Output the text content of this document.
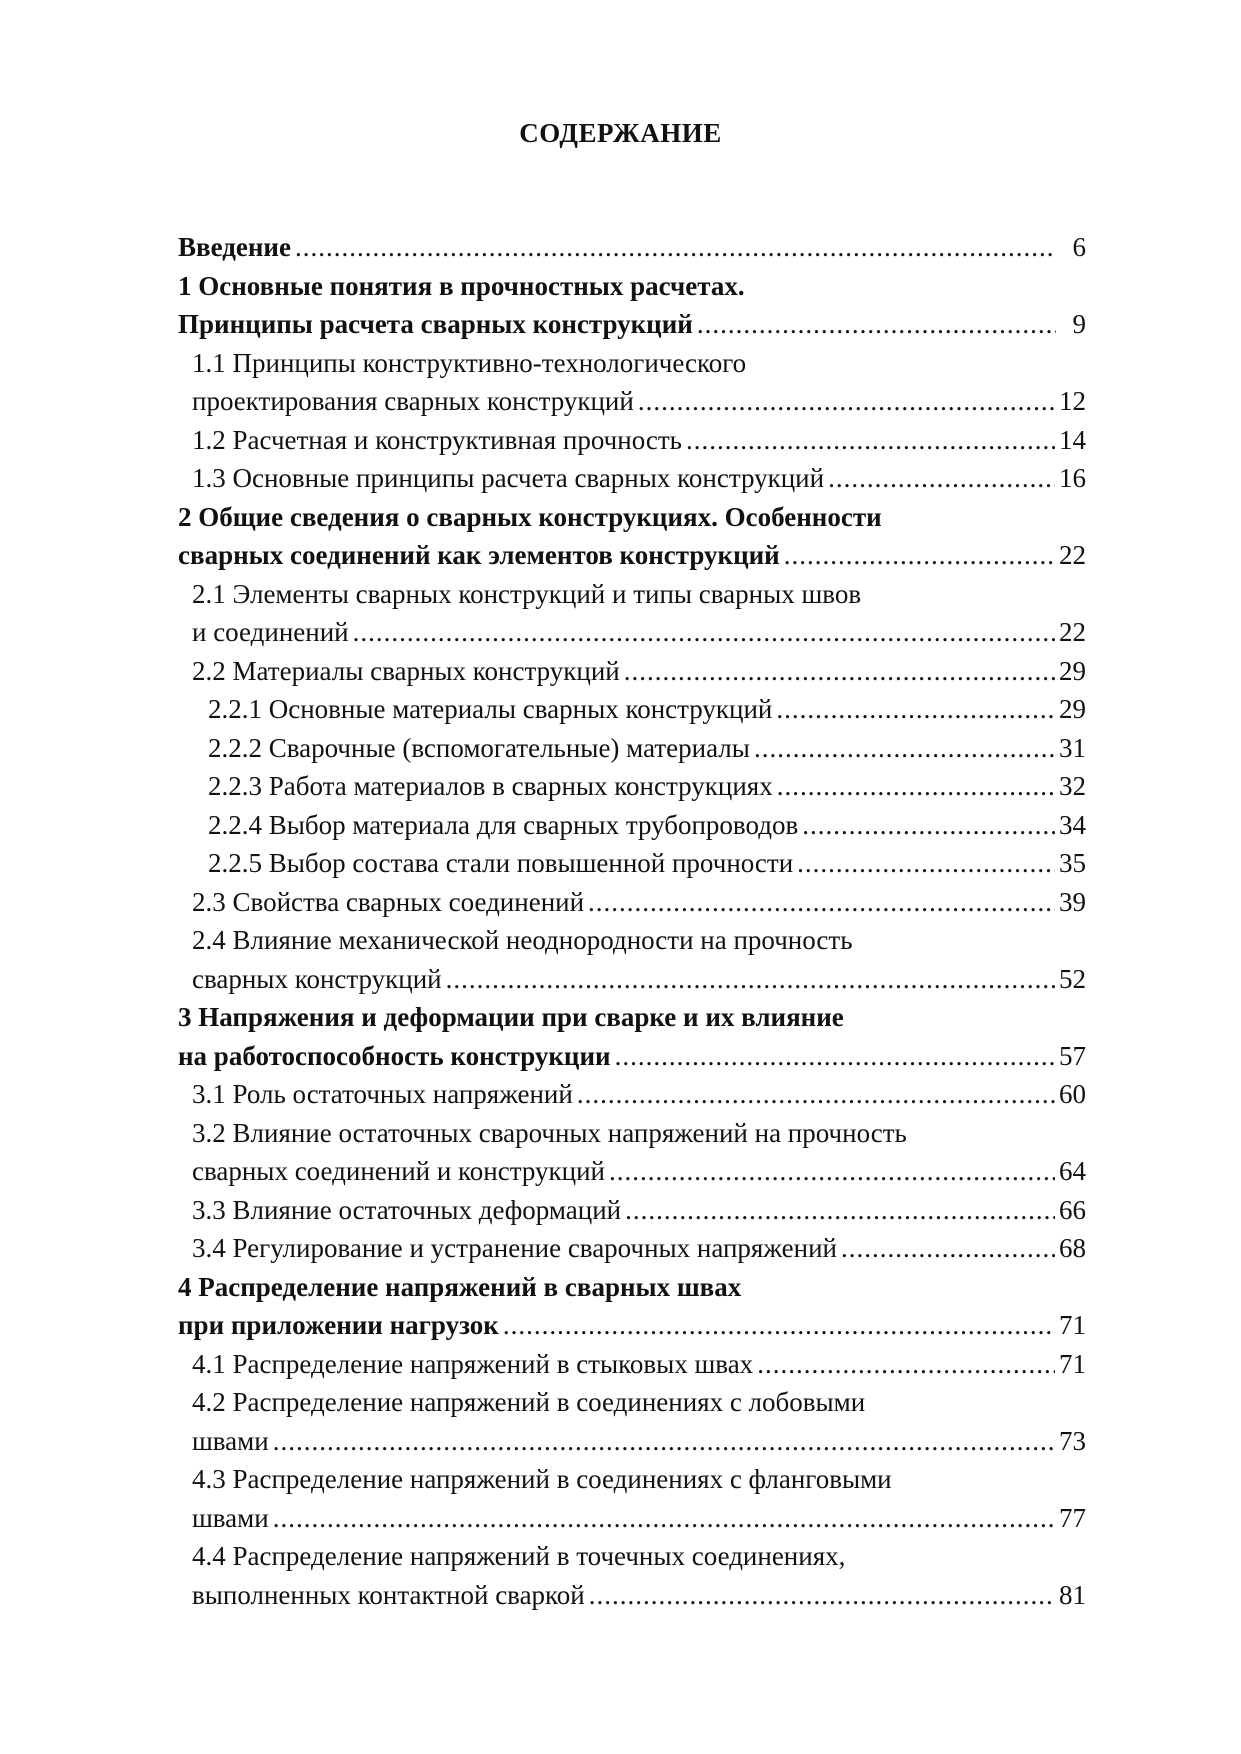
СОДЕРЖАНИЕ
Введение .....	6
1 Основные понятия в прочностных расчетах.
Принципы расчета сварных конструкций .....	9
1.1 Принципы конструктивно-технологического
проектирования сварных конструкций .....	12
1.2 Расчетная и конструктивная прочность .....	14
1.3 Основные принципы расчета сварных конструкций .....	16
2 Общие сведения о сварных конструкциях. Особенности
сварных соединений как элементов конструкций .....	22
2.1 Элементы сварных конструкций и типы сварных швов
и соединений .....	22
2.2 Материалы сварных конструкций .....	29
2.2.1 Основные материалы сварных конструкций .....	29
2.2.2 Сварочные (вспомогательные) материалы .....	31
2.2.3 Работа материалов в сварных конструкциях .....	32
2.2.4 Выбор материала для сварных трубопроводов .....	34
2.2.5 Выбор состава стали повышенной прочности .....	35
2.3 Свойства сварных соединений .....	39
2.4 Влияние механической неоднородности на прочность
сварных конструкций .....	52
3 Напряжения и деформации при сварке и их влияние
на работоспособность конструкции .....	57
3.1 Роль остаточных напряжений .....	60
3.2 Влияние остаточных сварочных напряжений на прочность
сварных соединений и конструкций .....	64
3.3 Влияние остаточных деформаций .....	66
3.4 Регулирование и устранение сварочных напряжений .....	68
4 Распределение напряжений в сварных швах
при приложении нагрузок .....	71
4.1 Распределение напряжений в стыковых швах .....	71
4.2 Распределение напряжений в соединениях с лобовыми
швами .....	73
4.3 Распределение напряжений в соединениях с фланговыми
швами .....	77
4.4 Распределение напряжений в точечных соединениях,
выполненных контактной сваркой .....	81
